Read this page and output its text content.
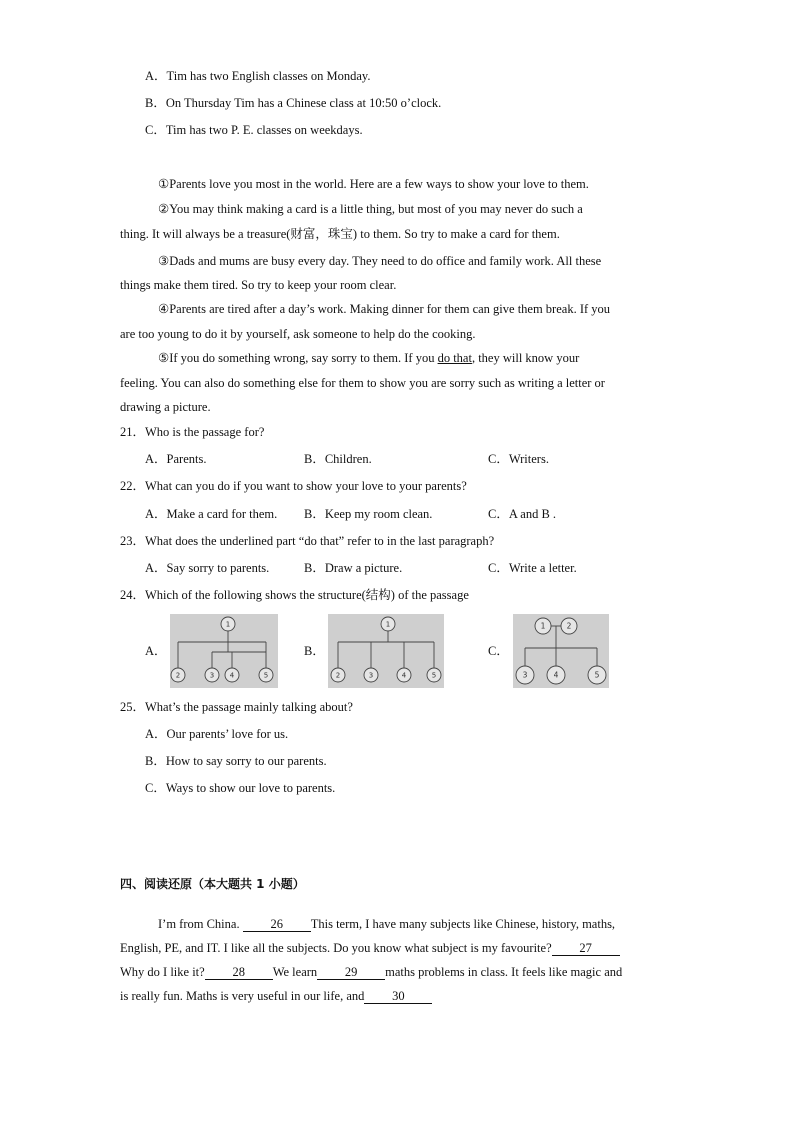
A．Tim has two English classes on Monday.
B．On Thursday Tim has a Chinese class at 10:50 o’clock.
C．Tim has two P. E. classes on weekdays.
①Parents love you most in the world. Here are a few ways to show your love to them.
②You may think making a card is a little thing, but most of you may never do such a
thing. It will always be a treasure(财富，珠宝) to them. So try to make a card for them.
③Dads and mums are busy every day. They need to do office and family work. All these
things make them tired. So try to keep your room clear.
④Parents are tired after a day’s work. Making dinner for them can give them break. If you
are too young to do it by yourself, ask someone to help do the cooking.
⑤If you do something wrong, say sorry to them. If you do that, they will know your
feeling. You can also do something else for them to show you are sorry such as writing a letter or
drawing a picture.
21．Who is the passage for?
A．Parents.	B．Children.	C．Writers.
22．What can you do if you want to show your love to your parents?
A．Make a card for them. B．Keep my room clean.	C．A and B .
23．What does the underlined part “do that” refer to in the last paragraph?
A．Say sorry to parents.	B．Draw a picture.	C．Write a letter.
24．Which of the following shows the structure(结构) of the passage
A．	B．	C．
1
2	3 4	5
1
2	3	4	5
1	2
3	4	5
25．What’s the passage mainly talking about?
A．Our parents’ love for us.
B．How to say sorry to our parents.
C．Ways to show our love to parents.
四、阅读还原（本大题共 1 小题）
I’m from China. 26 This term, I have many subjects like Chinese, history, maths,
English, PE, and IT. I like all the subjects. Do you know what subject is my favourite? 27
Why do I like it? 28 We learn 29 maths problems in class. It feels like magic and
is really fun. Maths is very useful in our life, and 30
